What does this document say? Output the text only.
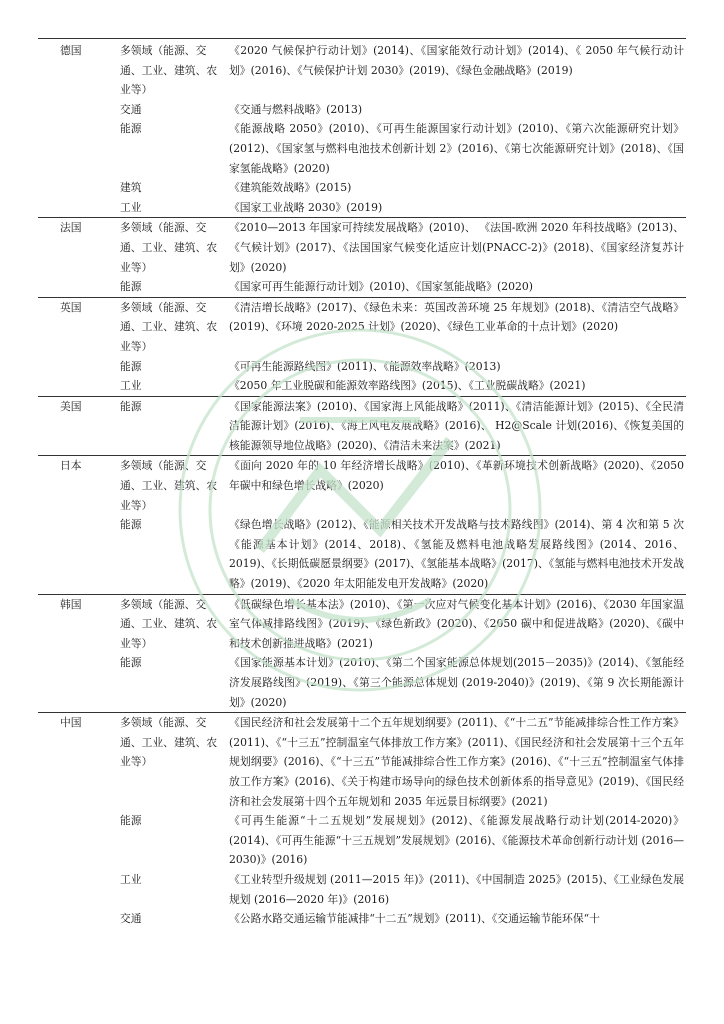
德国	多领域（能源、交通、工业、建筑、农业等）	《2020 气候保护行动计划》(2014)、《国家能效行动计划》(2014)、《 2050 年气候行动计划》(2016)、《气候保护计划 2030》(2019)、《绿色金融战略》(2019)
	交通	《交通与燃料战略》(2013)
	能源	《能源战略 2050》(2010)、《可再生能源国家行动计划》(2010)、《第六次能源研究计划》(2012)、《国家氢与燃料电池技术创新计划 2》(2016)、《第七次能源研究计划》(2018)、《国家氢能战略》(2020)
	建筑	《建筑能效战略》(2015)
	工业	《国家工业战略 2030》(2019)
法国	多领域（能源、交通、工业、建筑、农业等）	《2010—2013 年国家可持续发展战略》(2010)、 《法国-欧洲 2020 年科技战略》(2013)、《气候计划》(2017)、《法国国家气候变化适应计划(PNACC-2)》(2018)、《国家经济复苏计划》(2020)
	能源	《国家可再生能源行动计划》(2010)、《国家氢能战略》(2020)
英国	多领域（能源、交通、工业、建筑、农业等）	《清洁增长战略》(2017)、《绿色未来：英国改善环境 25 年规划》(2018)、《清洁空气战略》(2019)、《环境 2020-2025 计划》(2020)、《绿色工业革命的十点计划》(2020)
	能源	《可再生能源路线图》(2011)、《能源效率战略》(2013)
	工业	《2050 年工业脱碳和能源效率路线图》(2015)、《工业脱碳战略》(2021)
美国	能源	《国家能源法案》(2010)、《国家海上风能战略》(2011)、《清洁能源计划》(2015)、《全民清洁能源计划》(2016)、《海上风电发展战略》(2016)、 H2@Scale 计划(2016)、《恢复美国的核能源领导地位战略》(2020)、《清洁未来法案》(2021)
日本	多领域（能源、交通、工业、建筑、农业等）	《面向 2020 年的 10 年经济增长战略》(2010)、《革新环境技术创新战略》(2020)、《2050 年碳中和绿色增长战略》(2020)
	能源	《绿色增长战略》(2012)、《能源相关技术开发战略与技术路线图》(2014)、第 4 次和第 5 次《能源基本计划》(2014、2018)、《氢能及燃料电池战略发展路线图》(2014、2016、2019)、《长期低碳愿景纲要》(2017)、《氢能基本战略》(2017)、《氢能与燃料电池技术开发战略》(2019)、《2020 年太阳能发电开发战略》(2020)
韩国	多领域（能源、交通、工业、建筑、农业等）	《低碳绿色增长基本法》(2010)、《第一次应对气候变化基本计划》(2016)、《2030 年国家温室气体减排路线图》(2019)、《绿色新政》(2020)、《2050 碳中和促进战略》(2020)、《碳中和技术创新推进战略》(2021)
	能源	《国家能源基本计划》(2010)、《第二个国家能源总体规划(2015－2035)》(2014)、《氢能经济发展路线图》(2019)、《第三个能源总体规划 (2019-2040)》(2019)、《第 9 次长期能源计划》(2020)
中国	多领域（能源、交通、工业、建筑、农业等）	《国民经济和社会发展第十二个五年规划纲要》(2011)、《“十二五”节能减排综合性工作方案》(2011)、《“十三五”控制温室气体排放工作方案》(2011)、《国民经济和社会发展第十三个五年规划纲要》(2016)、《“十三五”节能减排综合性工作方案》(2016)、《“十三五”控制温室气体排放工作方案》(2016)、《关于构建市场导向的绿色技术创新体系的指导意见》(2019)、《国民经济和社会发展第十四个五年规划和 2035 年远景目标纲要》(2021)
	能源	《可再生能源“十二五规划”发展规划》(2012)、《能源发展战略行动计划(2014-2020)》(2014)、《可再生能源“十三五规划”发展规划》(2016)、《能源技术革命创新行动计划 (2016—2030)》(2016)
	工业	《工业转型升级规划 (2011—2015 年)》(2011)、《中国制造 2025》(2015)、《工业绿色发展规划 (2016—2020 年)》(2016)
	交通	《公路水路交通运输节能减排“十二五”规划》(2011)、《交通运输节能环保“十
